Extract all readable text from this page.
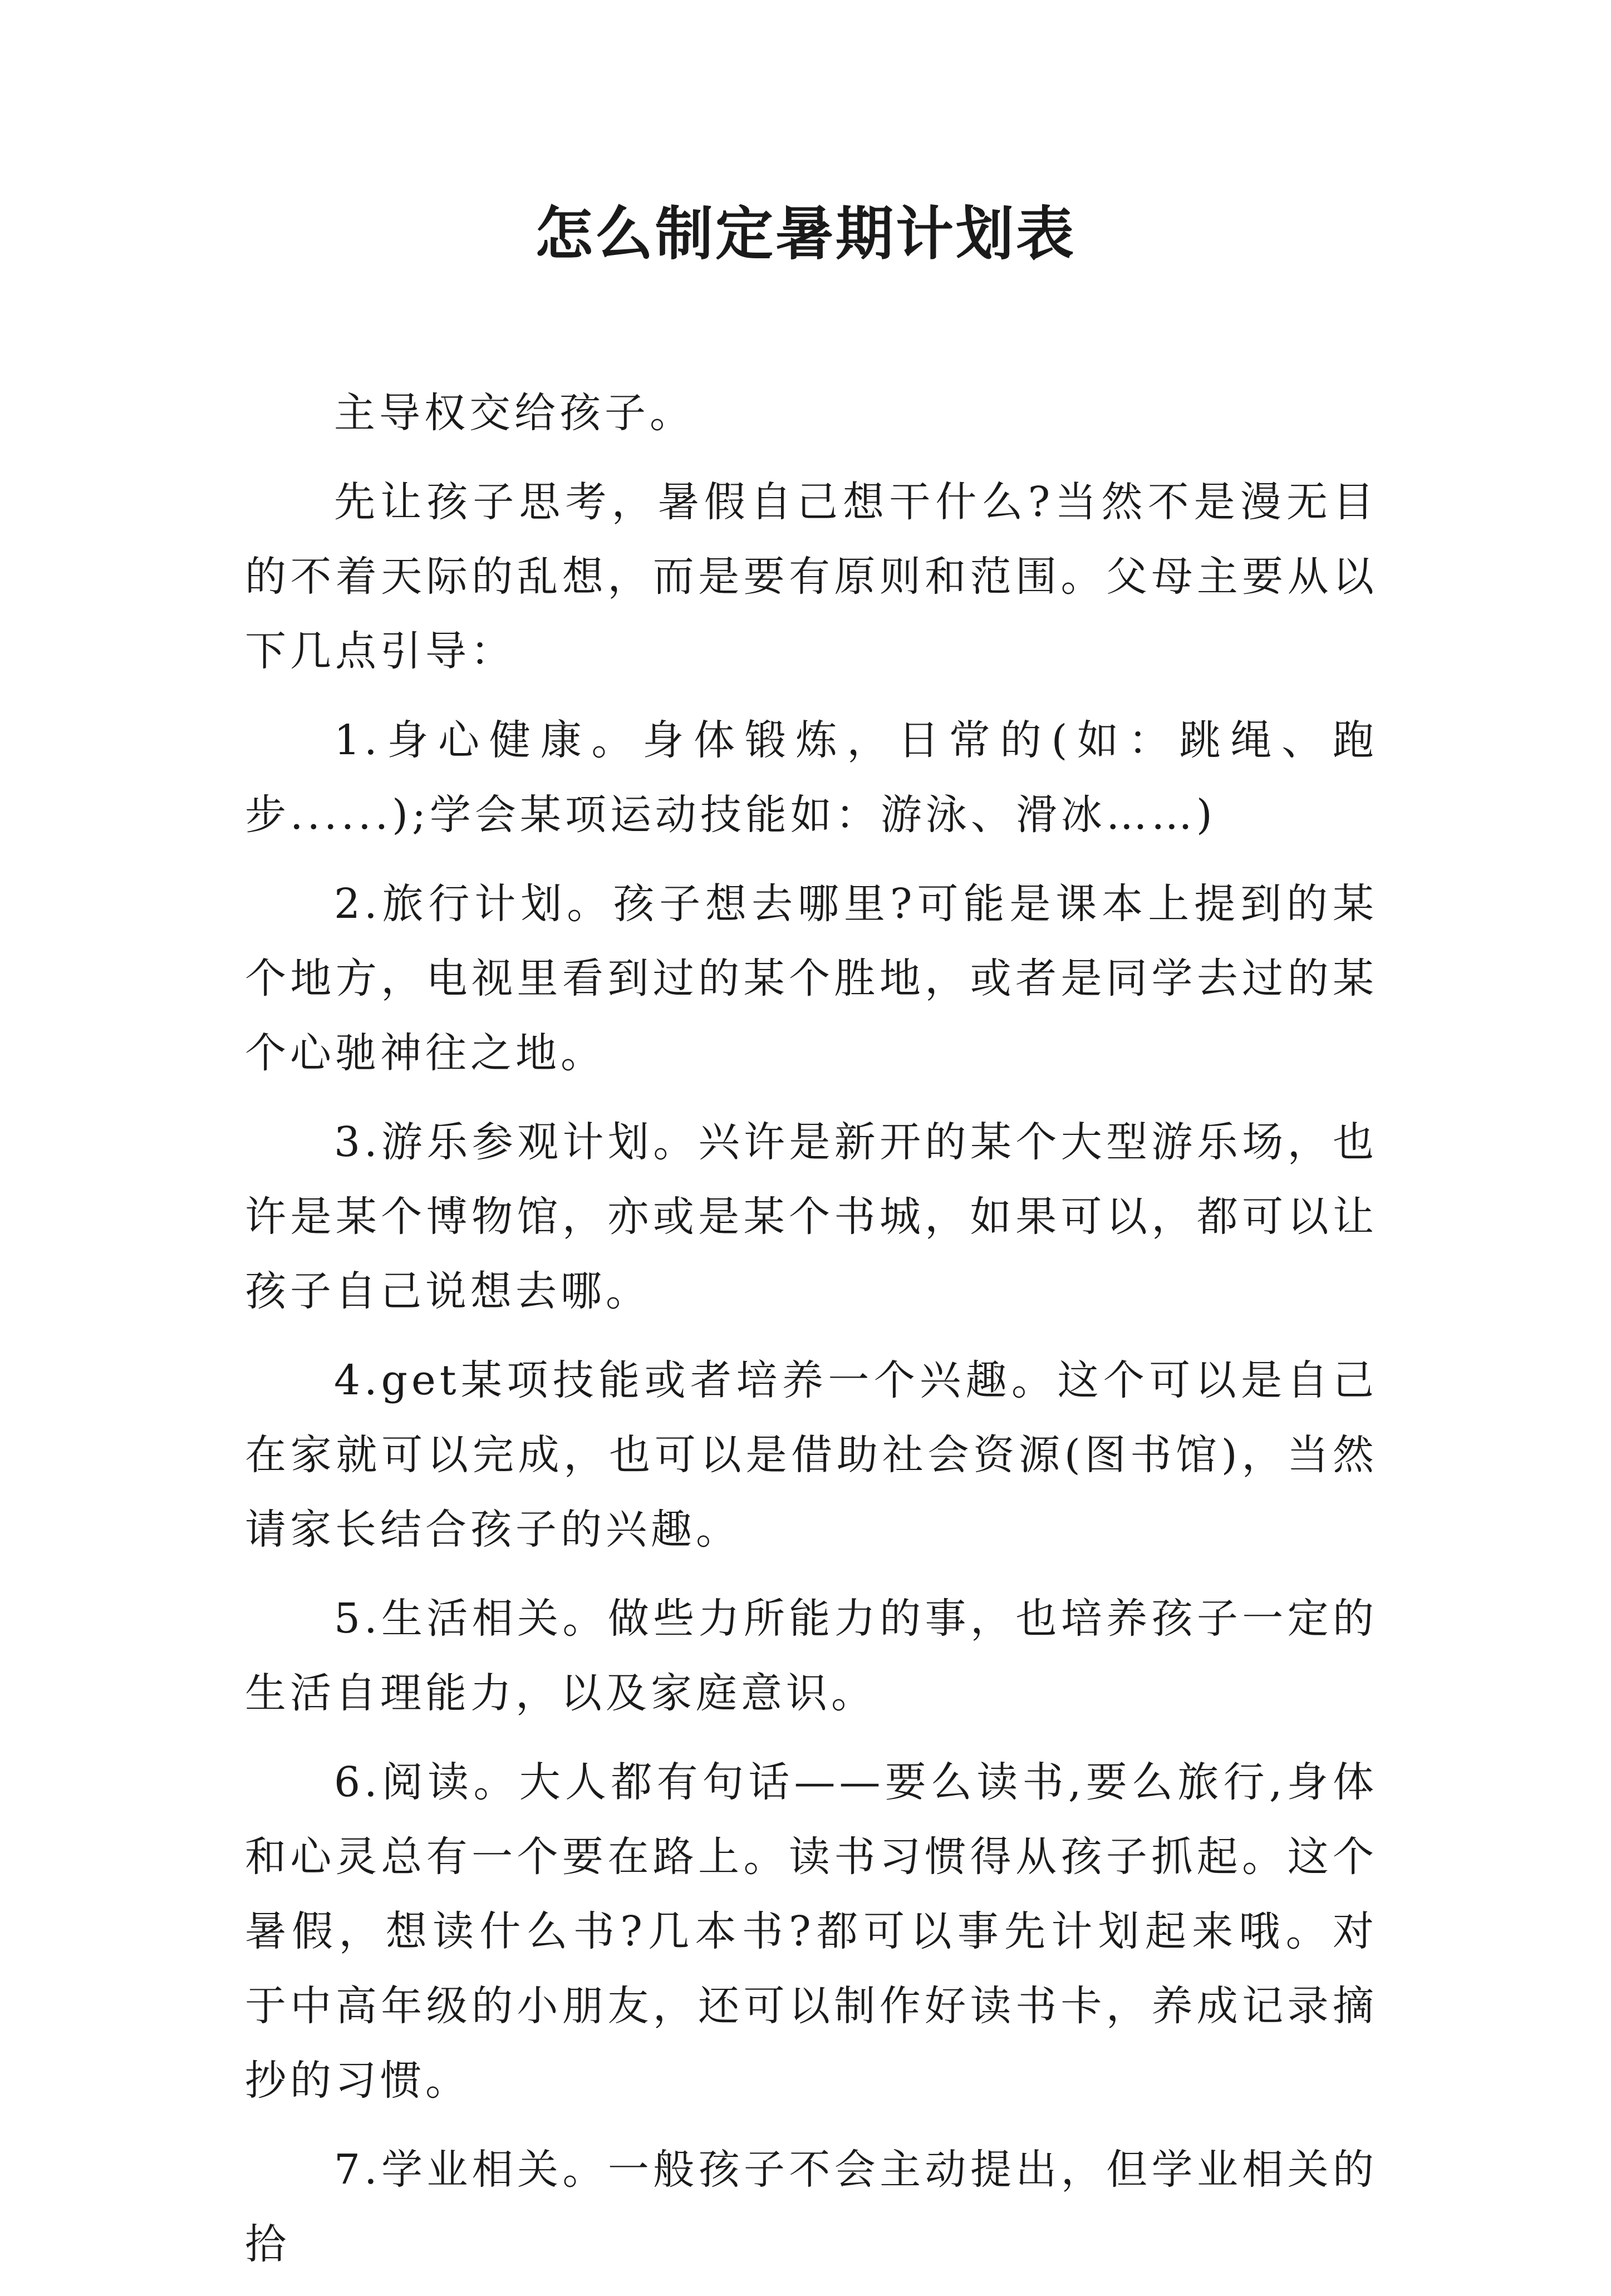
怎么制定暑期计划表

主导权交给孩子。

先让孩子思考，暑假自己想干什么?当然不是漫无目的不着天际的乱想，而是要有原则和范围。父母主要从以下几点引导：

1.身心健康。身体锻炼，日常的(如：跳绳、跑步......);学会某项运动技能如：游泳、滑冰……)

2.旅行计划。孩子想去哪里?可能是课本上提到的某个地方，电视里看到过的某个胜地，或者是同学去过的某个心驰神往之地。

3.游乐参观计划。兴许是新开的某个大型游乐场，也许是某个博物馆，亦或是某个书城，如果可以，都可以让孩子自己说想去哪。

4.get某项技能或者培养一个兴趣。这个可以是自己在家就可以完成，也可以是借助社会资源(图书馆)，当然请家长结合孩子的兴趣。

5.生活相关。做些力所能力的事，也培养孩子一定的生活自理能力，以及家庭意识。

6.阅读。大人都有句话——要么读书,要么旅行,身体和心灵总有一个要在路上。读书习惯得从孩子抓起。这个暑假，想读什么书?几本书?都可以事先计划起来哦。对于中高年级的小朋友，还可以制作好读书卡，养成记录摘抄的习惯。

7.学业相关。一般孩子不会主动提出，但学业相关的拾
